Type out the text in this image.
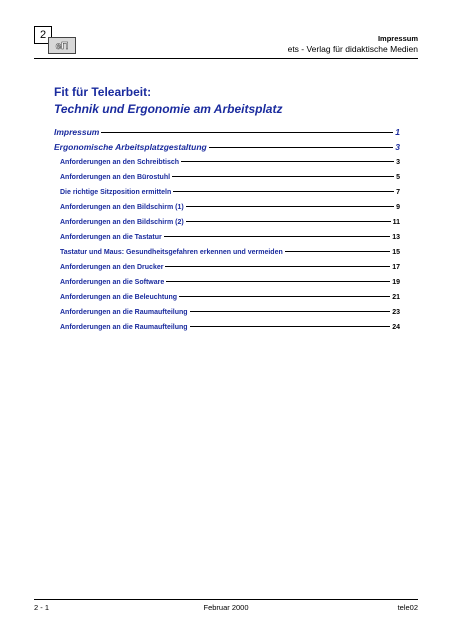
2
eΠ
Impressum
ets - Verlag für didaktische Medien
Fit für Telearbeit:
Technik und Ergonomie am Arbeitsplatz
Impressum	1
Ergonomische Arbeitsplatzgestaltung	3
Anforderungen an den Schreibtisch	3
Anforderungen an den Bürostuhl	5
Die richtige Sitzposition ermitteln	7
Anforderungen an den Bildschirm (1)	9
Anforderungen an den Bildschirm (2)	11
Anforderungen an die Tastatur	13
Tastatur und Maus: Gesundheitsgefahren erkennen und vermeiden	15
Anforderungen an den Drucker	17
Anforderungen an die Software	19
Anforderungen an die Beleuchtung	21
Anforderungen an die Raumaufteilung	23
Anforderungen an die Raumaufteilung	24
2 - 1	Februar 2000	tele02
